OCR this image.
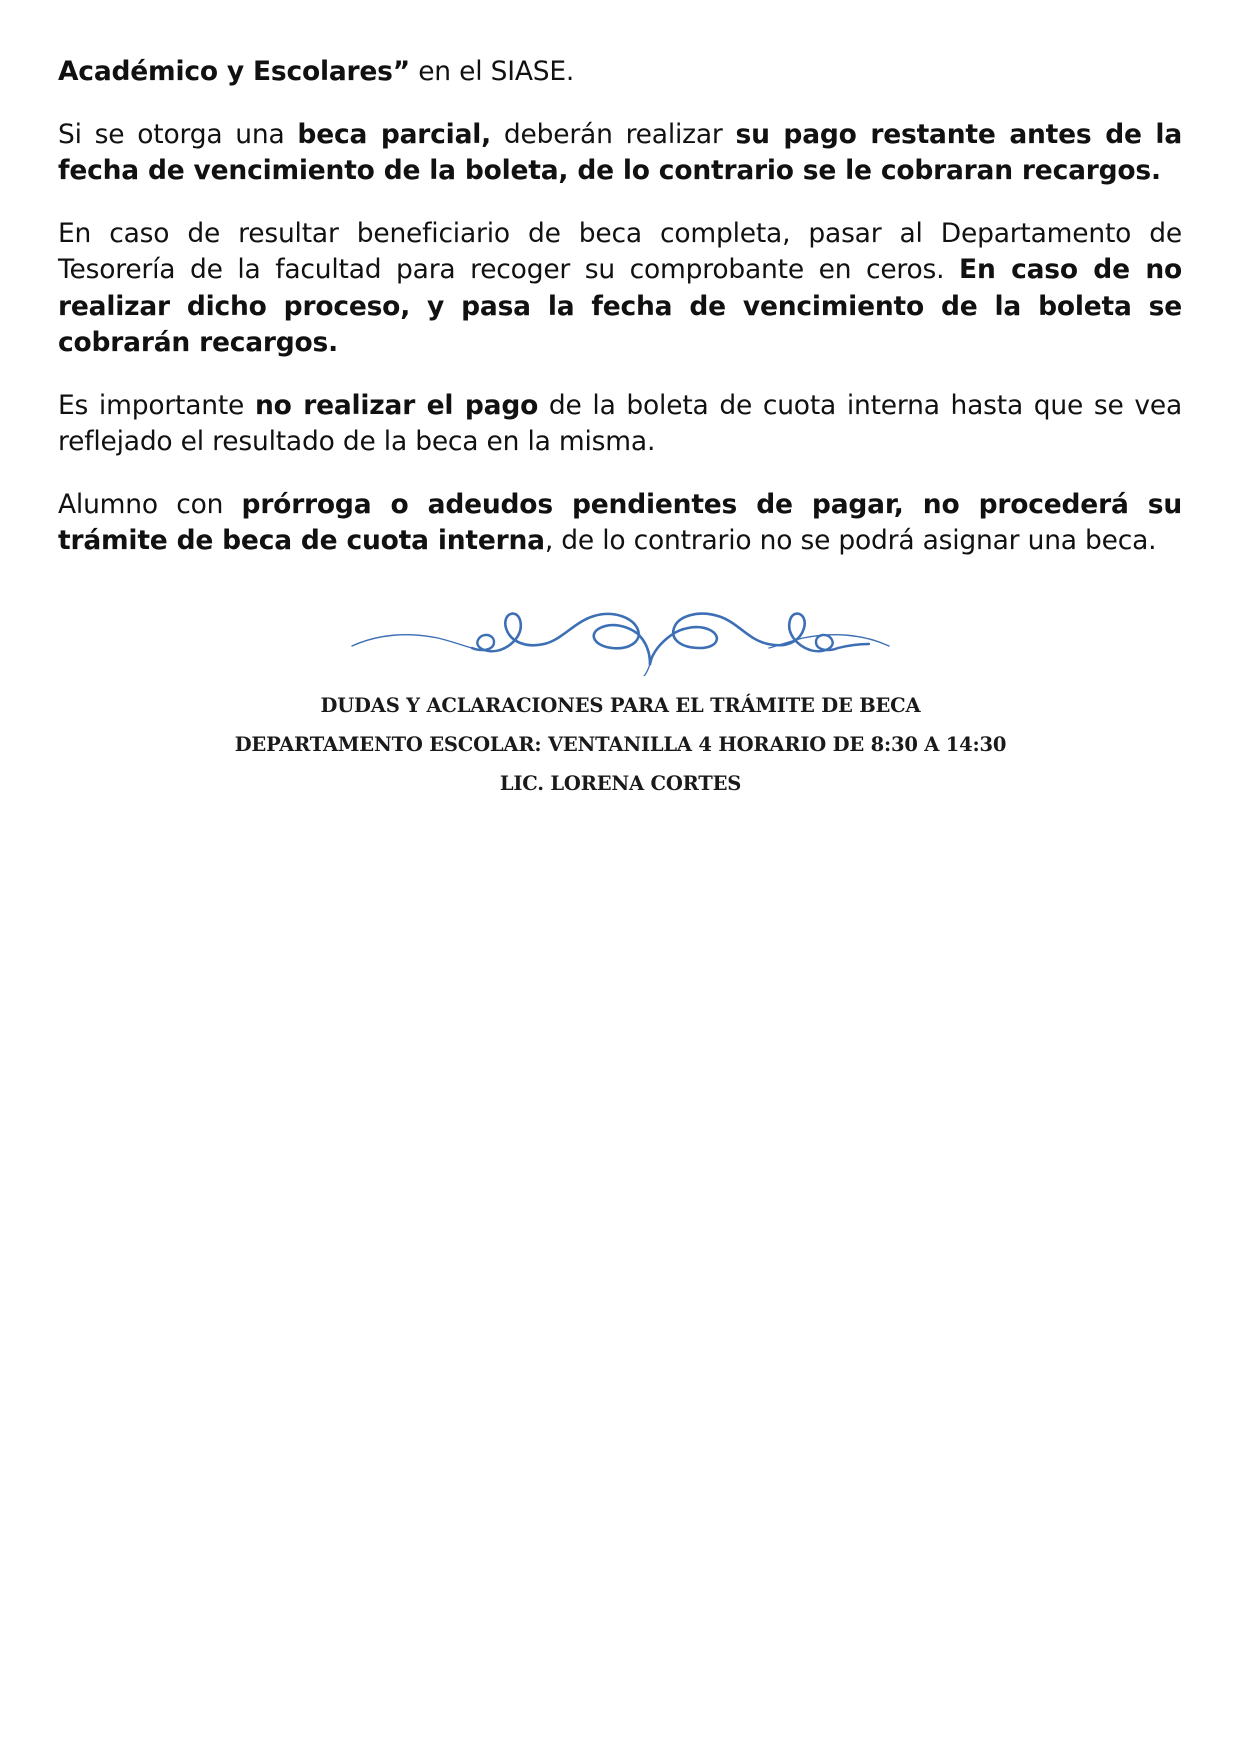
Académico y Escolares” en el SIASE.

Si se otorga una beca parcial, deberán realizar su pago restante antes de la fecha de vencimiento de la boleta, de lo contrario se le cobraran recargos.

En caso de resultar beneficiario de beca completa, pasar al Departamento de Tesorería de la facultad para recoger su comprobante en ceros. En caso de no realizar dicho proceso, y pasa la fecha de vencimiento de la boleta se cobrarán recargos.

Es importante no realizar el pago de la boleta de cuota interna hasta que se vea reflejado el resultado de la beca en la misma.

Alumno con prórroga o adeudos pendientes de pagar, no procederá su trámite de beca de cuota interna, de lo contrario no se podrá asignar una beca.

DUDAS Y ACLARACIONES PARA EL TRÁMITE DE BECA
DEPARTAMENTO ESCOLAR: VENTANILLA 4 HORARIO DE 8:30 A 14:30
LIC. LORENA CORTES
